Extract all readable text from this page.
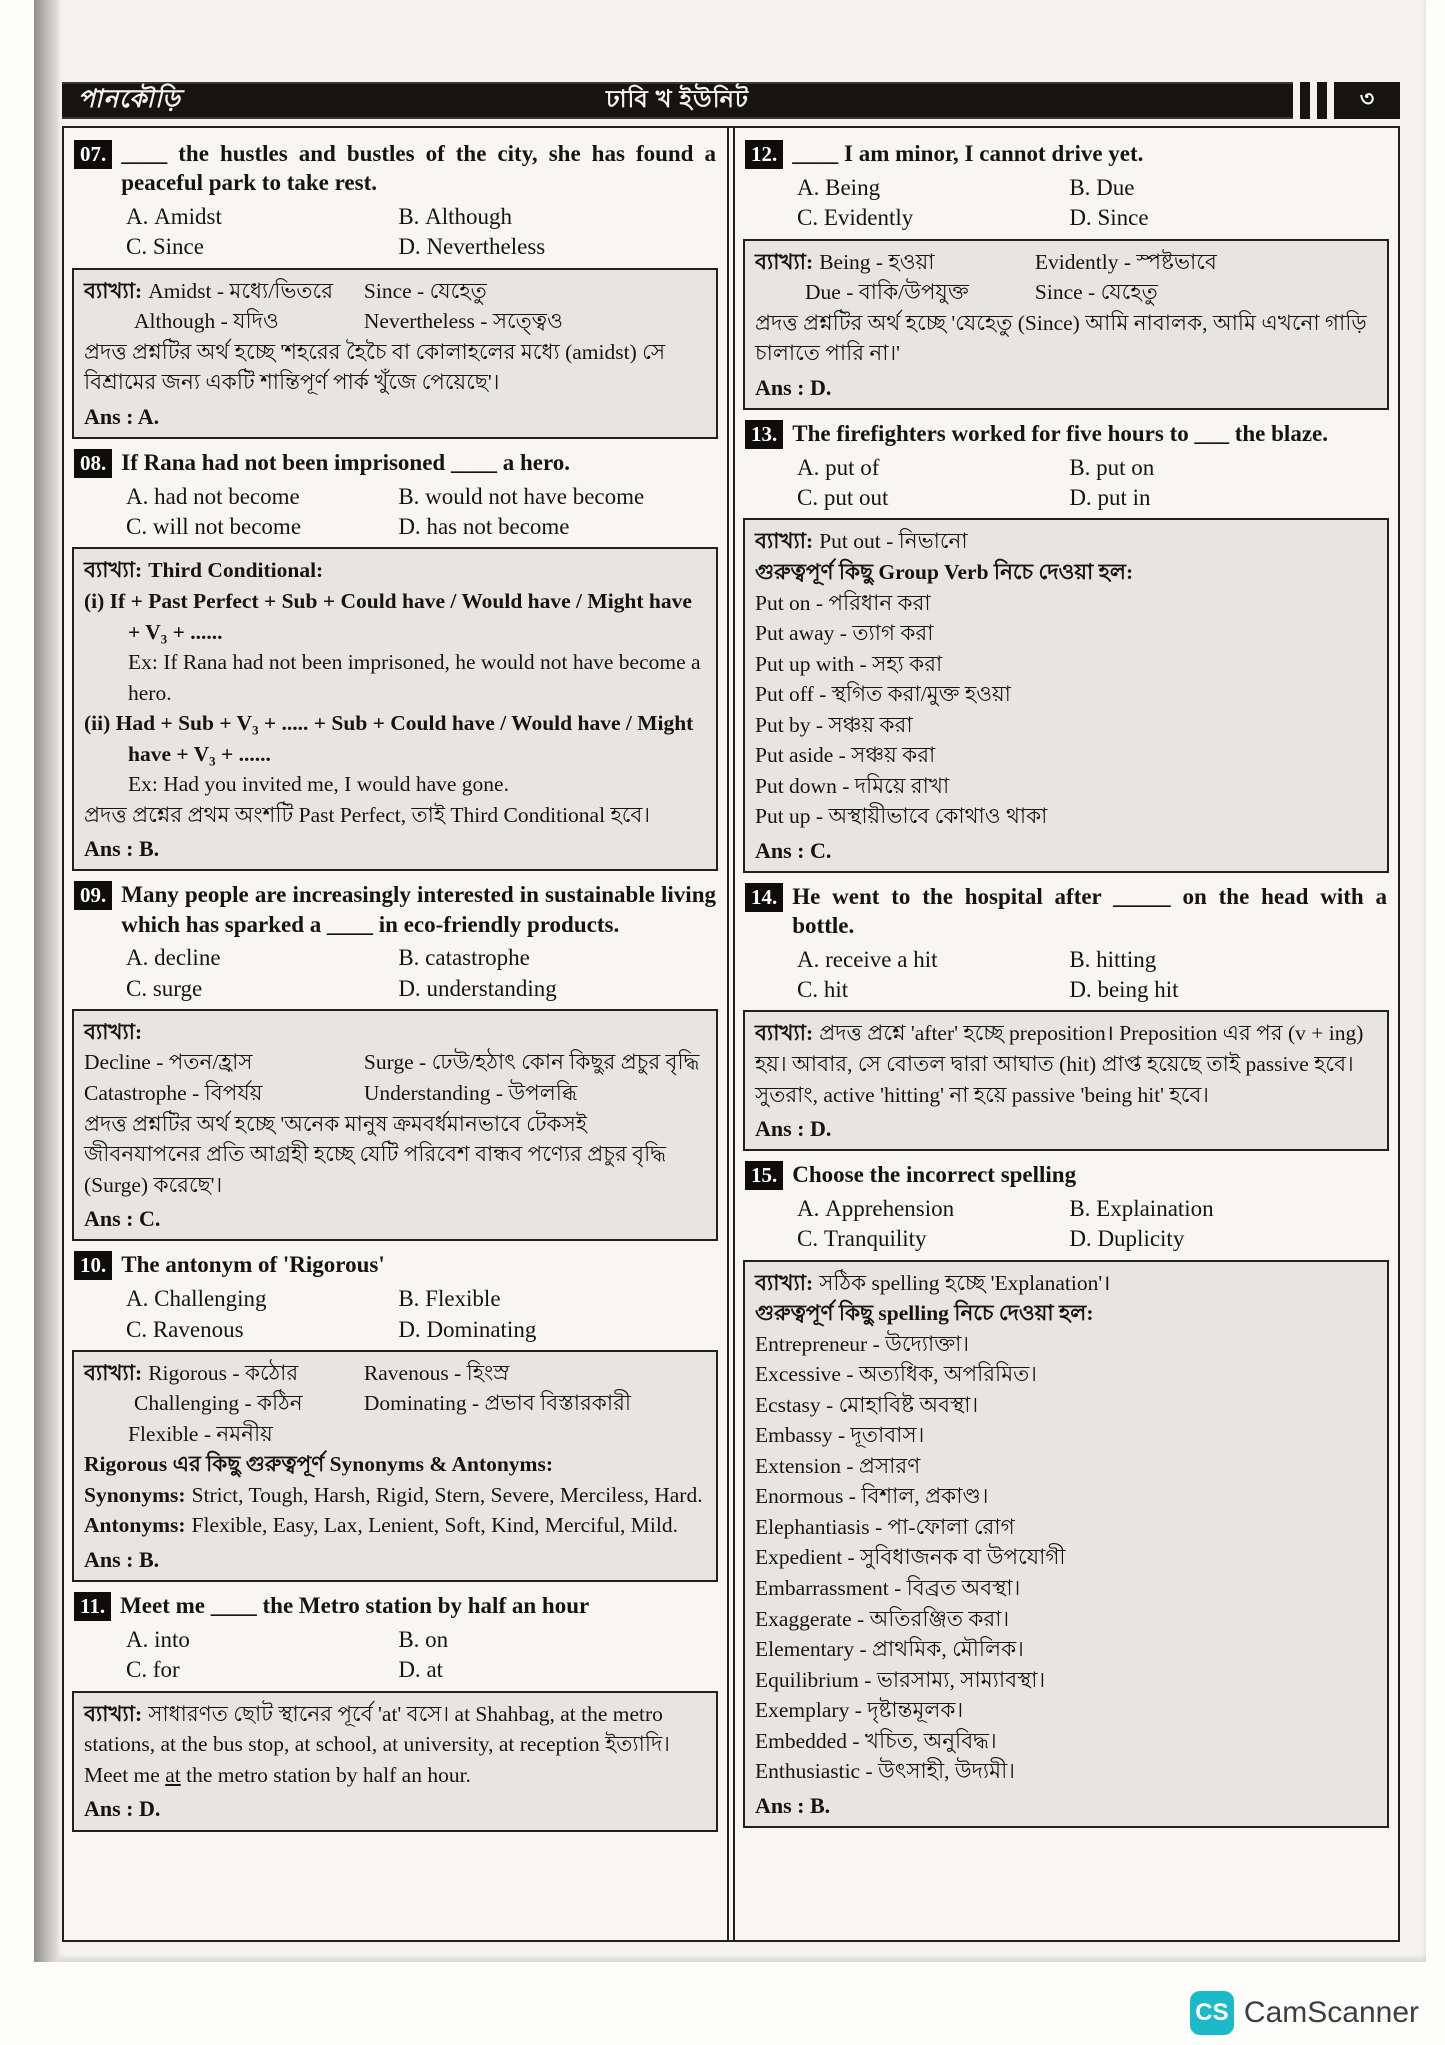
পানকৌড়ি	ঢাবি খ ইউনিট	৩
07. ____ the hustles and bustles of the city, she has found a peaceful park to take rest.
A. Amidst	B. Although
C. Since	D. Nevertheless
ব্যাখ্যা: Amidst - মধ্যে/ভিতরে	Since - যেহেতু
Although - যদিও	Nevertheless - সত্ত্বেও
প্রদত্ত প্রশ্নটির অর্থ হচ্ছে 'শহরের হৈচৈ বা কোলাহলের মধ্যে (amidst) সে বিশ্রামের জন্য একটি শান্তিপূর্ণ পার্ক খুঁজে পেয়েছে'।
Ans : A.
08. If Rana had not been imprisoned ____ a hero.
A. had not become	B. would not have become
C. will not become	D. has not become
ব্যাখ্যা: Third Conditional:
(i) If + Past Perfect + Sub + Could have / Would have / Might have + V₃ + ......
Ex: If Rana had not been imprisoned, he would not have become a hero.
(ii) Had + Sub + V₃ + ..... + Sub + Could have / Would have / Might have + V₃ + ......
Ex: Had you invited me, I would have gone.
প্রদত্ত প্রশ্নের প্রথম অংশটি Past Perfect, তাই Third Conditional হবে।
Ans : B.
09. Many people are increasingly interested in sustainable living which has sparked a ____ in eco-friendly products.
A. decline	B. catastrophe
C. surge	D. understanding
ব্যাখ্যা:
Decline - পতন/হ্রাস	Surge - ঢেউ/হঠাৎ কোন কিছুর প্রচুর বৃদ্ধি
Catastrophe - বিপর্যয়	Understanding - উপলব্ধি
প্রদত্ত প্রশ্নটির অর্থ হচ্ছে 'অনেক মানুষ ক্রমবর্ধমানভাবে টেকসই জীবনযাপনের প্রতি আগ্রহী হচ্ছে যেটি পরিবেশ বান্ধব পণ্যের প্রচুর বৃদ্ধি (Surge) করেছে'।
Ans : C.
10. The antonym of 'Rigorous'
A. Challenging	B. Flexible
C. Ravenous	D. Dominating
ব্যাখ্যা: Rigorous - কঠোর	Ravenous - হিংস্র
Challenging - কঠিন	Dominating - প্রভাব বিস্তারকারী
Flexible - নমনীয়
Rigorous এর কিছু গুরুত্বপূর্ণ Synonyms & Antonyms:
Synonyms: Strict, Tough, Harsh, Rigid, Stern, Severe, Merciless, Hard.
Antonyms: Flexible, Easy, Lax, Lenient, Soft, Kind, Merciful, Mild.
Ans : B.
11. Meet me ____ the Metro station by half an hour
A. into	B. on
C. for	D. at
ব্যাখ্যা: সাধারণত ছোট স্থানের পূর্বে 'at' বসে। at Shahbag, at the metro stations, at the bus stop, at school, at university, at reception ইত্যাদি।
Meet me at the metro station by half an hour.
Ans : D.
12. ____ I am minor, I cannot drive yet.
A. Being	B. Due
C. Evidently	D. Since
ব্যাখ্যা: Being - হওয়া	Evidently - স্পষ্টভাবে
Due - বাকি/উপযুক্ত	Since - যেহেতু
প্রদত্ত প্রশ্নটির অর্থ হচ্ছে 'যেহেতু (Since) আমি নাবালক, আমি এখনো গাড়ি চালাতে পারি না।'
Ans : D.
13. The firefighters worked for five hours to ___ the blaze.
A. put of	B. put on
C. put out	D. put in
ব্যাখ্যা: Put out - নিভানো
গুরুত্বপূর্ণ কিছু Group Verb নিচে দেওয়া হল:
Put on - পরিধান করা
Put away - ত্যাগ করা
Put up with - সহ্য করা
Put off - স্থগিত করা/মুক্ত হওয়া
Put by - সঞ্চয় করা
Put aside - সঞ্চয় করা
Put down - দমিয়ে রাখা
Put up - অস্থায়ীভাবে কোথাও থাকা
Ans : C.
14. He went to the hospital after _____ on the head with a bottle.
A. receive a hit	B. hitting
C. hit	D. being hit
ব্যাখ্যা: প্রদত্ত প্রশ্নে 'after' হচ্ছে preposition। Preposition এর পর (v + ing) হয়। আবার, সে বোতল দ্বারা আঘাত (hit) প্রাপ্ত হয়েছে তাই passive হবে। সুতরাং, active 'hitting' না হয়ে passive 'being hit' হবে।
Ans : D.
15. Choose the incorrect spelling
A. Apprehension	B. Explaination
C. Tranquility	D. Duplicity
ব্যাখ্যা: সঠিক spelling হচ্ছে 'Explanation'।
গুরুত্বপূর্ণ কিছু spelling নিচে দেওয়া হল:
Entrepreneur - উদ্যোক্তা।
Excessive - অত্যধিক, অপরিমিত।
Ecstasy - মোহাবিষ্ট অবস্থা।
Embassy - দূতাবাস।
Extension - প্রসারণ
Enormous - বিশাল, প্রকাণ্ড।
Elephantiasis - পা-ফোলা রোগ
Expedient - সুবিধাজনক বা উপযোগী
Embarrassment - বিব্রত অবস্থা।
Exaggerate - অতিরঞ্জিত করা।
Elementary - প্রাথমিক, মৌলিক।
Equilibrium - ভারসাম্য, সাম্যাবস্থা।
Exemplary - দৃষ্টান্তমূলক।
Embedded - খচিত, অনুবিদ্ধ।
Enthusiastic - উৎসাহী, উদ্যমী।
Ans : B.
CS CamScanner
